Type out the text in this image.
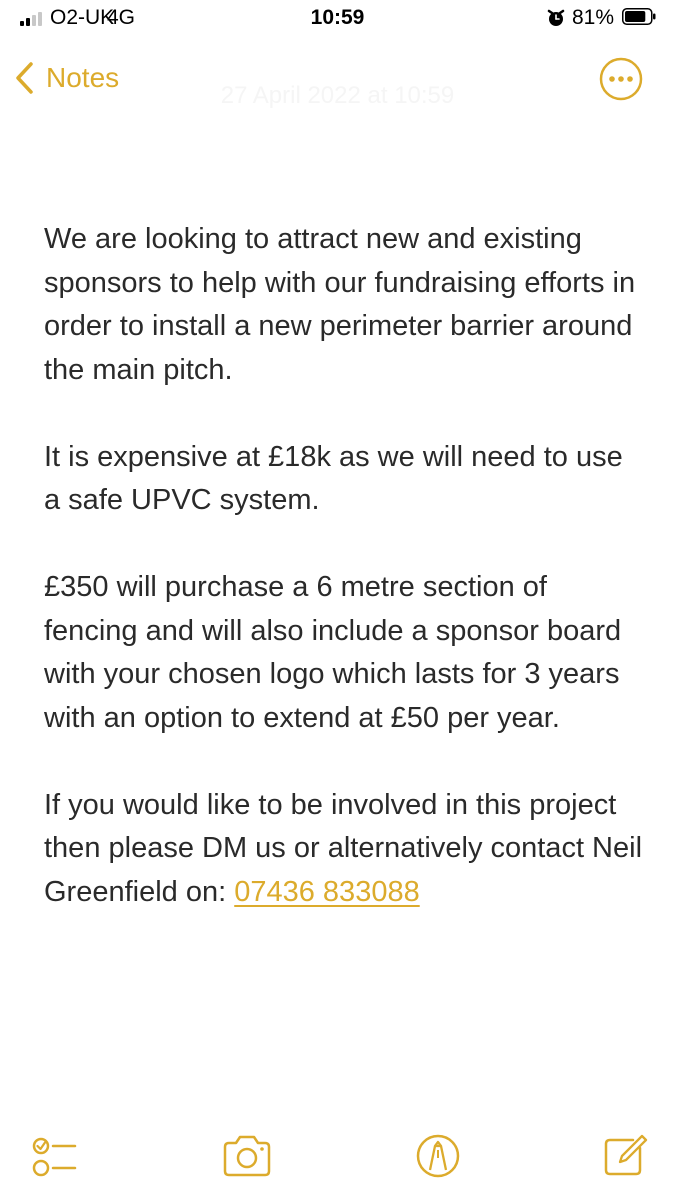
O2-UK
4G	10:59	81%
Notes
27 April 2022 at 10:59

We are looking to attract new and existing sponsors to help with our fundraising efforts in order to install a new perimeter barrier around the main pitch.

It is expensive at £18k as we will need to use a safe UPVC system.

£350 will purchase a 6 metre section of fencing and will also include a sponsor board with your chosen logo which lasts for 3 years with an option to extend at £50 per year.

If you would like to be involved in this project then please DM us or alternatively contact Neil Greenfield on: 07436 833088
